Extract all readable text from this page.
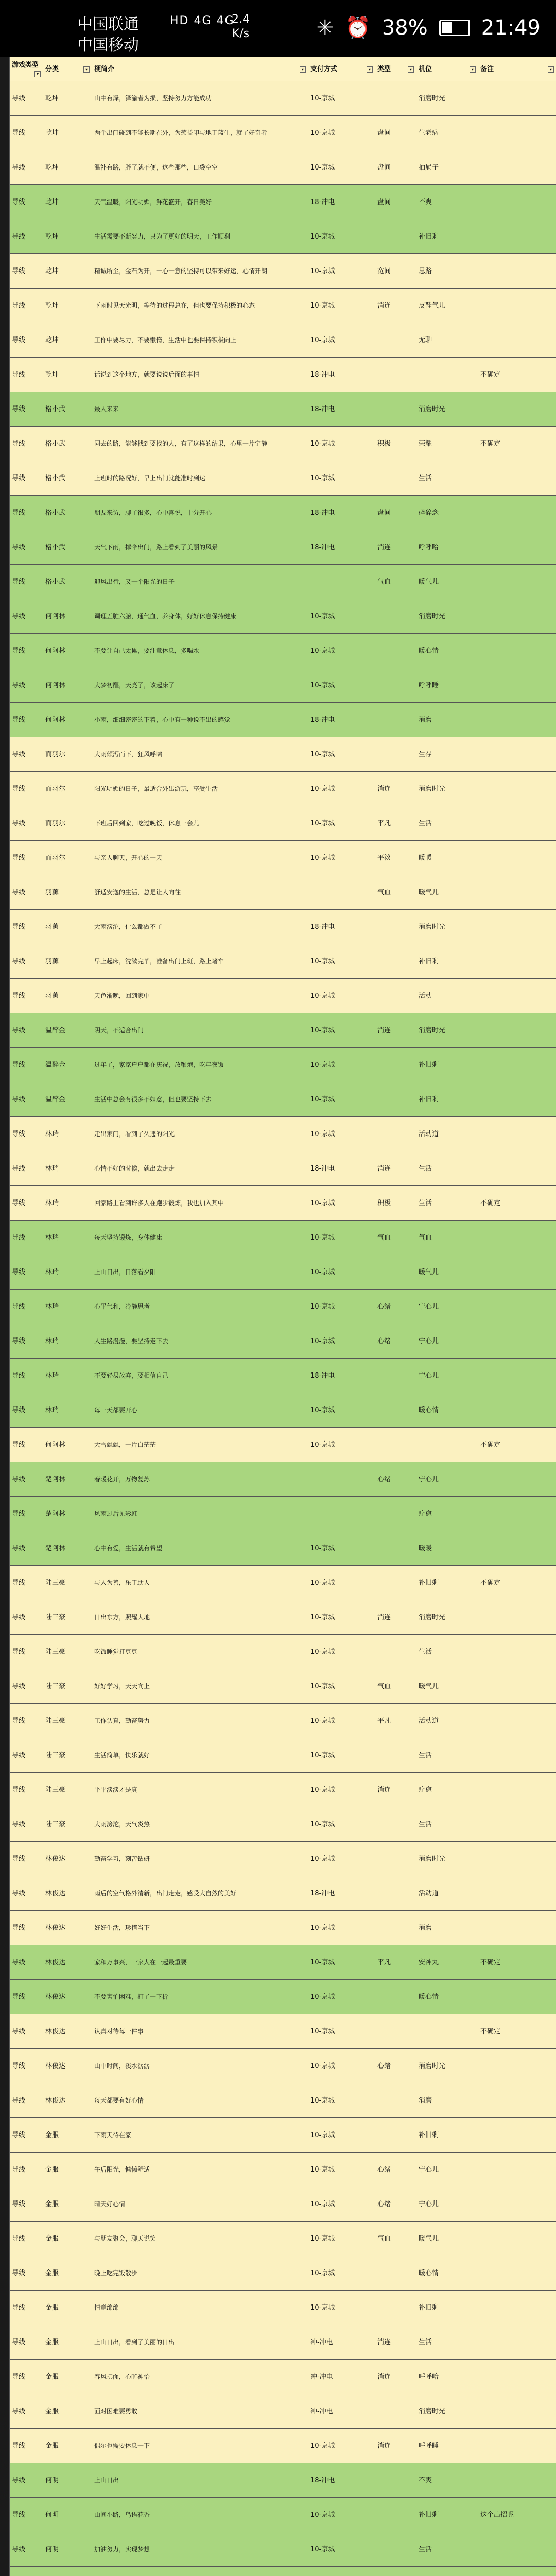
中国联通
中国移动
HD 4G 4G
2.4
K/s	✳ ⏰ 38%	21:49
游戏类型
▾	分类 ▾	梗简介 ▾	支付方式 ▾	类型 ▾	机位 ▾	备注 ▾

导线	乾坤	山中有泽，泽渝者为损，坚持努力方能成功	10-京城		消磨时光	
导线	乾坤	两个出门碰到不能长期在外，为荡益印与地于蓝生，就了好奇者	10-京城	盘间	生老病	
导线	乾坤	温补有路，胖了就不便，这些那些，口袋空空	10-京城	盘间	抽屉子	
导线	乾坤	天气温暖，阳光明媚，鲜花盛开，春日美好	18-冲电	盘间	不爽	
导线	乾坤	生活需要不断努力，只为了更好的明天，工作顺利	10-京城		补旧剩	
导线	乾坤	精诚所至，金石为开，一心一意的坚持可以带来好运，心情开朗	10-京城	宽间	思路	
导线	乾坤	下雨时见天光明，等待的过程总在，但也要保持积极的心态	10-京城	消连	皮鞋气儿	
导线	乾坤	工作中要尽力，不要懒惰，生活中也要保持积极向上	10-京城		无聊	
导线	乾坤	话说到这个地方，就要说说后面的事情	18-冲电			不确定
导线	格小武	最人来来	18-冲电		消磨时光	
导线	格小武	同去的路，能够找到要找的人，有了这样的结果，心里一片宁静	10-京城	积极	荣耀	不确定
导线	格小武	上班时的路况好，早上出门就能准时到达	10-京城		生活	
导线	格小武	朋友来访，聊了很多，心中喜悦，十分开心	18-冲电	盘间	碎碎念	
导线	格小武	天气下雨，撑伞出门，路上看到了美丽的风景	18-冲电	消连	呼呼哈	
导线	格小武	迎风出行，又一个阳光的日子		气血	暖气儿	
导线	何阿林	调理五脏六腑，通气血，养身体，好好休息保持健康	10-京城		消磨时光	
导线	何阿林	不要让自己太累，要注意休息，多喝水	10-京城		暖心情	
导线	何阿林	大梦初醒，天亮了，该起床了	10-京城		呼呼睡	
导线	何阿林	小雨，细细密密的下着，心中有一种说不出的感觉	18-冲电		消磨	
导线	而羽尔	大雨倾泻而下，狂风呼啸	10-京城		生存	
导线	而羽尔	阳光明媚的日子，最适合外出游玩，享受生活	10-京城	消连	消磨时光	
导线	而羽尔	下班后回到家，吃过晚饭，休息一会儿	10-京城	平凡	生活	
导线	而羽尔	与亲人聊天，开心的一天	10-京城	平淡	暖暖	
导线	羽薰	舒适安逸的生活，总是让人向往		气血	暖气儿	
导线	羽薰	大雨滂沱，什么都做不了	18-冲电		消磨时光	
导线	羽薰	早上起床，洗漱完毕，准备出门上班，路上堵车	10-京城		补旧剩	
导线	羽薰	天色渐晚，回到家中	10-京城		活动	
导线	温醉金	阴天，不适合出门	10-京城	消连	消磨时光	
导线	温醉金	过年了，家家户户都在庆祝，放鞭炮，吃年夜饭	10-京城		补旧剩	
导线	温醉金	生活中总会有很多不如意，但也要坚持下去	10-京城		补旧剩	
导线	林瑞	走出家门，看到了久违的阳光	10-京城		活动道	
导线	林瑞	心情不好的时候，就出去走走	18-冲电	消连	生活	
导线	林瑞	回家路上看到许多人在跑步锻炼，我也加入其中	10-京城	积极	生活	不确定
导线	林瑞	每天坚持锻炼，身体健康	10-京城	气血	气血	
导线	林瑞	上山日出，日落看夕阳	10-京城		暖气儿	
导线	林瑞	心平气和，冷静思考	10-京城	心绪	宁心儿	
导线	林瑞	人生路漫漫，要坚持走下去	10-京城	心绪	宁心儿	
导线	林瑞	不要轻易放弃，要相信自己	18-冲电		宁心儿	
导线	林瑞	每一天都要开心	10-京城		暖心情	
导线	何阿林	大雪飘飘，一片白茫茫	10-京城			不确定
导线	楚阿林	春暖花开，万物复苏		心绪	宁心儿	
导线	楚阿林	风雨过后见彩虹			疗愈	
导线	楚阿林	心中有爱，生活就有希望	10-京城		暖暖	
导线	陆三豪	与人为善，乐于助人	10-京城		补旧剩	不确定
导线	陆三豪	日出东方，照耀大地	10-京城	消连	消磨时光	
导线	陆三豪	吃饭睡觉打豆豆	10-京城		生活	
导线	陆三豪	好好学习，天天向上	10-京城	气血	暖气儿	
导线	陆三豪	工作认真，勤奋努力	10-京城	平凡	活动道	
导线	陆三豪	生活简单，快乐就好	10-京城		生活	
导线	陆三豪	平平淡淡才是真	10-京城	消连	疗愈	
导线	陆三豪	大雨滂沱，天气炎热	10-京城		生活	
导线	林俊达	勤奋学习，刻苦钻研	10-京城		消磨时光	
导线	林俊达	雨后的空气格外清新，出门走走，感受大自然的美好	18-冲电		活动道	
导线	林俊达	好好生活，珍惜当下	10-京城		消磨	
导线	林俊达	家和万事兴，一家人在一起最重要	10-京城	平凡	安神丸	不确定
导线	林俊达	不要害怕困难，打了一下折	10-京城		暖心情	
导线	林俊达	认真对待每一件事	10-京城			不确定
导线	林俊达	山中时间，溪水潺潺	10-京城	心绪	消磨时光	
导线	林俊达	每天都要有好心情	10-京城		消磨	
导线	金服	下雨天待在家	10-京城		补旧剩	
导线	金服	午后阳光，慵懒舒适	10-京城	心绪	宁心儿	
导线	金服	晴天好心情	10-京城	心绪	宁心儿	
导线	金服	与朋友聚会，聊天说笑	10-京城	气血	暖气儿	
导线	金服	晚上吃完饭散步	10-京城		暖心情	
导线	金服	情意绵绵	10-京城		补旧剩	
导线	金服	上山日出，看到了美丽的日出	冲-冲电	消连	生活	
导线	金服	春风拂面，心旷神怡	冲-冲电	消连	呼呼哈	
导线	金服	面对困难要勇敢	冲-冲电		消磨时光	
导线	金服	偶尔也需要休息一下	10-京城	消连	呼呼睡	
导线	何明	上山日出	18-冲电		不爽	
导线	何明	山间小路，鸟语花香	10-京城		补旧剩	这个出招呢
导线	何明	加油努力，实现梦想	10-京城		生活	
